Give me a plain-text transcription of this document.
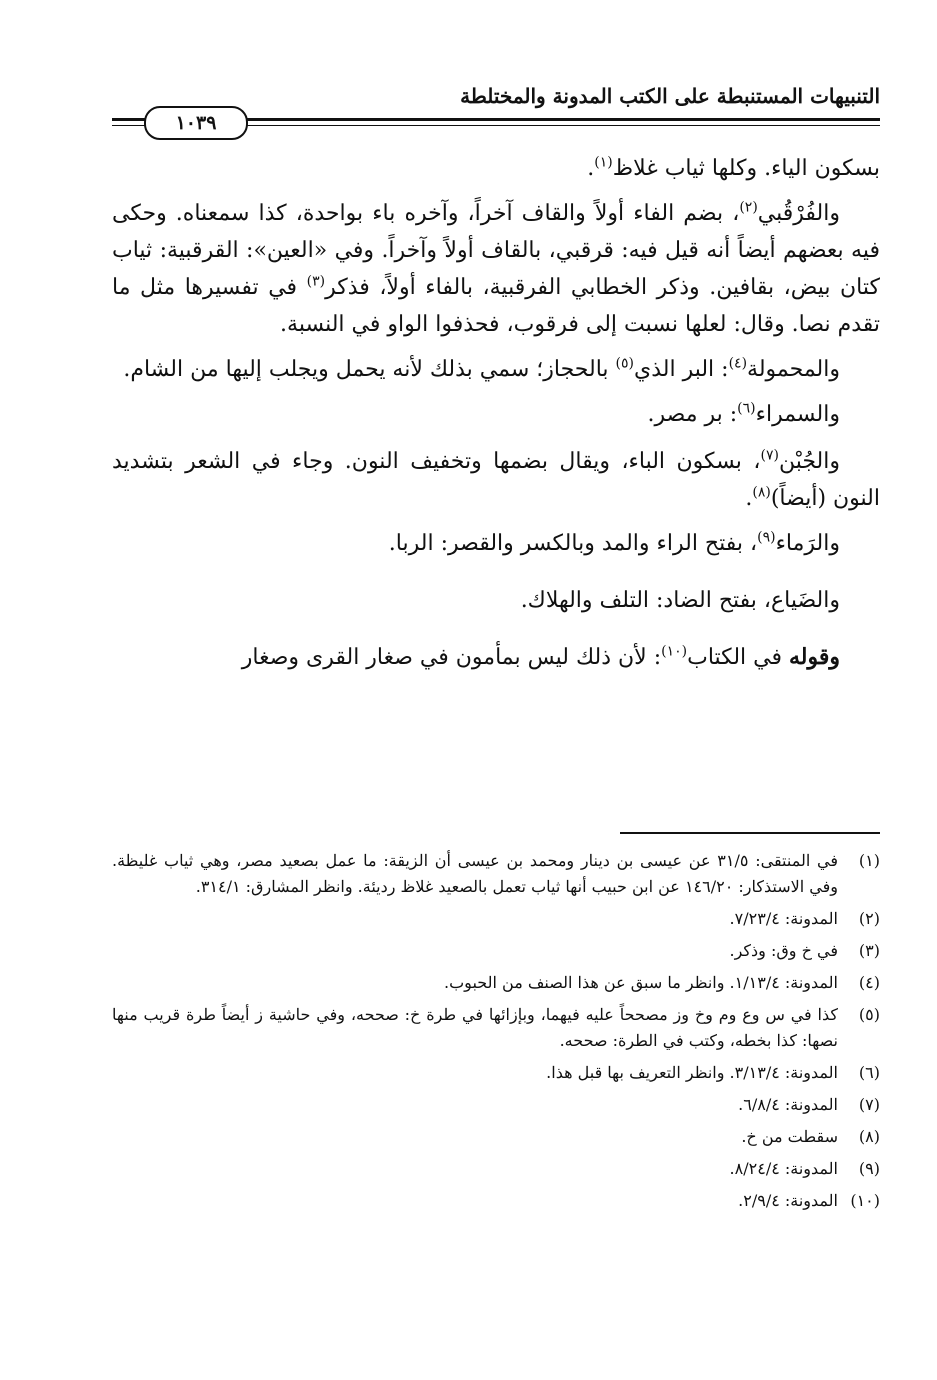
التنبيهات المستنبطة على الكتب المدونة والمختلطة
١٠٣٩

بسكون الياء. وكلها ثياب غلاظ$^{(١)}$.

والفُرْقُبي$^{(٢)}$، بضم الفاء أولاً والقاف آخراً، وآخره باء بواحدة، كذا سمعناه. وحكى فيه بعضهم أيضاً أنه قيل فيه: قرقبي، بالقاف أولاً وآخراً. وفي «العين»: القرقبية: ثياب كتان بيض، بقافين. وذكر الخطابي الفرقبية، بالفاء أولاً، فذكر$^{(٣)}$ في تفسيرها مثل ما تقدم نصا. وقال: لعلها نسبت إلى فرقوب، فحذفوا الواو في النسبة.

والمحمولة$^{(٤)}$: البر الذي$^{(٥)}$ بالحجاز؛ سمي بذلك لأنه يحمل ويجلب إليها من الشام.

والسمراء$^{(٦)}$: بر مصر.

والجُبْن$^{(٧)}$، بسكون الباء، ويقال بضمها وتخفيف النون. وجاء في الشعر بتشديد النون (أيضاً)$^{(٨)}$.

والرَماء$^{(٩)}$، بفتح الراء والمد وبالكسر والقصر: الربا.

والضَياع، بفتح الضاد: التلف والهلاك.

وقوله في الكتاب$^{(١٠)}$: لأن ذلك ليس بمأمون في صغار القرى وصغار

(١)
في المنتقى: ٣١/٥ عن عيسى بن دينار ومحمد بن عيسى أن الزيقة: ما عمل بصعيد مصر، وهي ثياب غليظة. وفي الاستذكار: ١٤٦/٢٠ عن ابن حبيب أنها ثياب تعمل بالصعيد غلاظ رديئة. وانظر المشارق: ٣١٤/١.
(٢)
المدونة: ٧/٢٣/٤.
(٣)
في خ وق: وذكر.
(٤)
المدونة: ١/١٣/٤. وانظر ما سبق عن هذا الصنف من الحبوب.
(٥)
كذا في س وع وم وخ وز مصححاً عليه فيهما، وبإزائها في طرة خ: صححه، وفي حاشية ز أيضاً طرة قريب منها نصها: كذا بخطه، وكتب في الطرة: صححه.
(٦)
المدونة: ٣/١٣/٤. وانظر التعريف بها قبل هذا.
(٧)
المدونة: ٦/٨/٤.
(٨)
سقطت من خ.
(٩)
المدونة: ٨/٢٤/٤.
(١٠)
المدونة: ٢/٩/٤.
